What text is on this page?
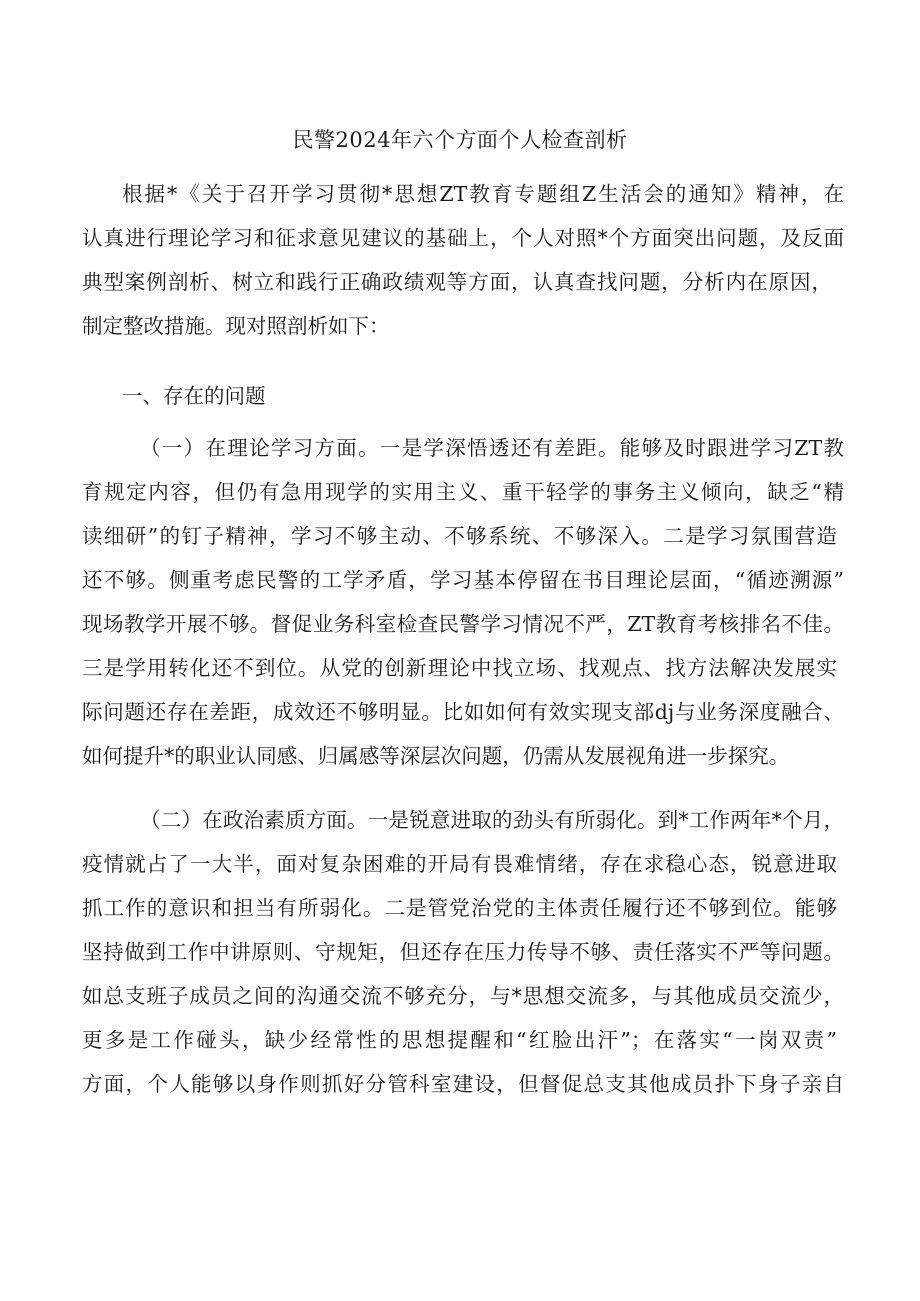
民警2024年六个方面个人检查剖析
根据*《关于召开学习贯彻*思想ZT教育专题组Z生活会的通知》精神，在
认真进行理论学习和征求意见建议的基础上，个人对照*个方面突出问题，及反面
典型案例剖析、树立和践行正确政绩观等方面，认真查找问题，分析内在原因，
制定整改措施。现对照剖析如下：
一、存在的问题
（一）在理论学习方面。一是学深悟透还有差距。能够及时跟进学习ZT教
育规定内容，但仍有急用现学的实用主义、重干轻学的事务主义倾向，缺乏“精
读细研”的钉子精神，学习不够主动、不够系统、不够深入。二是学习氛围营造
还不够。侧重考虑民警的工学矛盾，学习基本停留在书目理论层面，“循迹溯源”
现场教学开展不够。督促业务科室检查民警学习情况不严，ZT教育考核排名不佳。
三是学用转化还不到位。从党的创新理论中找立场、找观点、找方法解决发展实
际问题还存在差距，成效还不够明显。比如如何有效实现支部dj与业务深度融合、
如何提升*的职业认同感、归属感等深层次问题，仍需从发展视角进一步探究。
（二）在政治素质方面。一是锐意进取的劲头有所弱化。到*工作两年*个月，
疫情就占了一大半，面对复杂困难的开局有畏难情绪，存在求稳心态，锐意进取
抓工作的意识和担当有所弱化。二是管党治党的主体责任履行还不够到位。能够
坚持做到工作中讲原则、守规矩，但还存在压力传导不够、责任落实不严等问题。
如总支班子成员之间的沟通交流不够充分，与*思想交流多，与其他成员交流少，
更多是工作碰头，缺少经常性的思想提醒和“红脸出汗”；在落实“一岗双责”
方面，个人能够以身作则抓好分管科室建设，但督促总支其他成员扑下身子亲自
